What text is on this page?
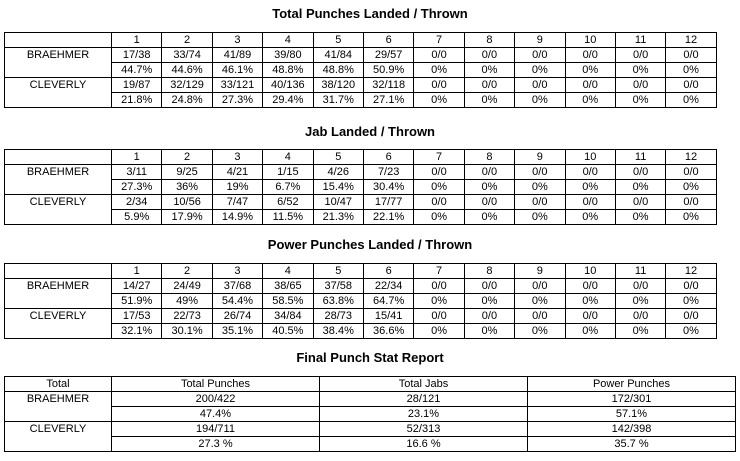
Total Punches Landed / Thrown
	1	2	3	4	5	6	7	8	9	10	11	12
BRAEHMER	17/38	33/74	41/89	39/80	41/84	29/57	0/0	0/0	0/0	0/0	0/0	0/0
	44.7%	44.6%	46.1%	48.8%	48.8%	50.9%	0%	0%	0%	0%	0%	0%
CLEVERLY	19/87	32/129	33/121	40/136	38/120	32/118	0/0	0/0	0/0	0/0	0/0	0/0
	21.8%	24.8%	27.3%	29.4%	31.7%	27.1%	0%	0%	0%	0%	0%	0%
Jab Landed / Thrown
	1	2	3	4	5	6	7	8	9	10	11	12
BRAEHMER	3/11	9/25	4/21	1/15	4/26	7/23	0/0	0/0	0/0	0/0	0/0	0/0
	27.3%	36%	19%	6.7%	15.4%	30.4%	0%	0%	0%	0%	0%	0%
CLEVERLY	2/34	10/56	7/47	6/52	10/47	17/77	0/0	0/0	0/0	0/0	0/0	0/0
	5.9%	17.9%	14.9%	11.5%	21.3%	22.1%	0%	0%	0%	0%	0%	0%
Power Punches Landed / Thrown
	1	2	3	4	5	6	7	8	9	10	11	12
BRAEHMER	14/27	24/49	37/68	38/65	37/58	22/34	0/0	0/0	0/0	0/0	0/0	0/0
	51.9%	49%	54.4%	58.5%	63.8%	64.7%	0%	0%	0%	0%	0%	0%
CLEVERLY	17/53	22/73	26/74	34/84	28/73	15/41	0/0	0/0	0/0	0/0	0/0	0/0
	32.1%	30.1%	35.1%	40.5%	38.4%	36.6%	0%	0%	0%	0%	0%	0%
Final Punch Stat Report
Total	Total Punches	Total Jabs	Power Punches
BRAEHMER	200/422	28/121	172/301
	47.4%	23.1%	57.1%
CLEVERLY	194/711	52/313	142/398
	27.3 %	16.6 %	35.7 %
